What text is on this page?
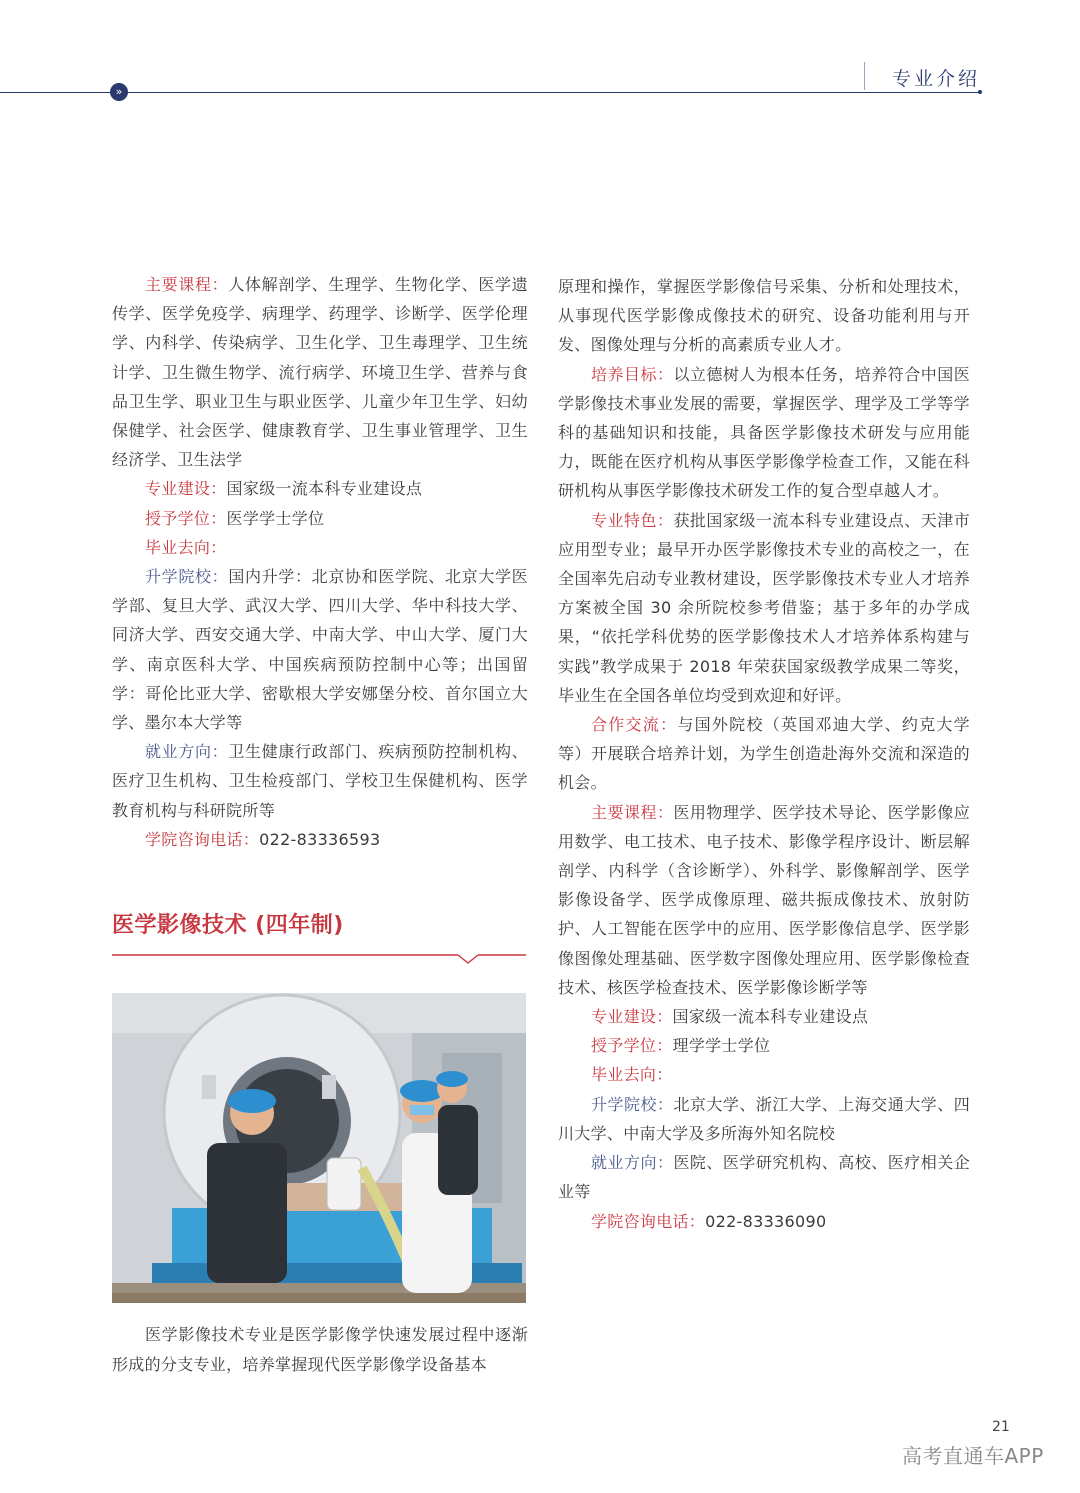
»
专业介绍

主要课程：人体解剖学、生理学、生物化学、医学遗传学、医学免疫学、病理学、药理学、诊断学、医学伦理学、内科学、传染病学、卫生化学、卫生毒理学、卫生统计学、卫生微生物学、流行病学、环境卫生学、营养与食品卫生学、职业卫生与职业医学、儿童少年卫生学、妇幼保健学、社会医学、健康教育学、卫生事业管理学、卫生经济学、卫生法学

专业建设：国家级一流本科专业建设点

授予学位：医学学士学位

毕业去向：

升学院校：国内升学：北京协和医学院、北京大学医学部、复旦大学、武汉大学、四川大学、华中科技大学、同济大学、西安交通大学、中南大学、中山大学、厦门大学、南京医科大学、中国疾病预防控制中心等；出国留学：哥伦比亚大学、密歇根大学安娜堡分校、首尔国立大学、墨尔本大学等

就业方向：卫生健康行政部门、疾病预防控制机构、医疗卫生机构、卫生检疫部门、学校卫生保健机构、医学教育机构与科研院所等

学院咨询电话：022-83336593

医学影像技术 (四年制)
医学影像技术专业是医学影像学快速发展过程中逐渐形成的分支专业，培养掌握现代医学影像学设备基本

原理和操作，掌握医学影像信号采集、分析和处理技术，从事现代医学影像成像技术的研究、设备功能利用与开发、图像处理与分析的高素质专业人才。

培养目标：以立德树人为根本任务，培养符合中国医学影像技术事业发展的需要，掌握医学、理学及工学等学科的基础知识和技能，具备医学影像技术研发与应用能力，既能在医疗机构从事医学影像学检查工作，又能在科研机构从事医学影像技术研发工作的复合型卓越人才。

专业特色：获批国家级一流本科专业建设点、天津市应用型专业；最早开办医学影像技术专业的高校之一，在全国率先启动专业教材建设，医学影像技术专业人才培养方案被全国 30 余所院校参考借鉴；基于多年的办学成果，“依托学科优势的医学影像技术人才培养体系构建与实践”教学成果于 2018 年荣获国家级教学成果二等奖，毕业生在全国各单位均受到欢迎和好评。

合作交流：与国外院校（英国邓迪大学、约克大学等）开展联合培养计划，为学生创造赴海外交流和深造的机会。

主要课程：医用物理学、医学技术导论、医学影像应用数学、电工技术、电子技术、影像学程序设计、断层解剖学、内科学（含诊断学）、外科学、影像解剖学、医学影像设备学、医学成像原理、磁共振成像技术、放射防护、人工智能在医学中的应用、医学影像信息学、医学影像图像处理基础、医学数字图像处理应用、医学影像检查技术、核医学检查技术、医学影像诊断学等

专业建设：国家级一流本科专业建设点

授予学位：理学学士学位

毕业去向：

升学院校：北京大学、浙江大学、上海交通大学、四川大学、中南大学及多所海外知名院校

就业方向：医院、医学研究机构、高校、医疗相关企业等

学院咨询电话：022-83336090

21
高考直通车APP
